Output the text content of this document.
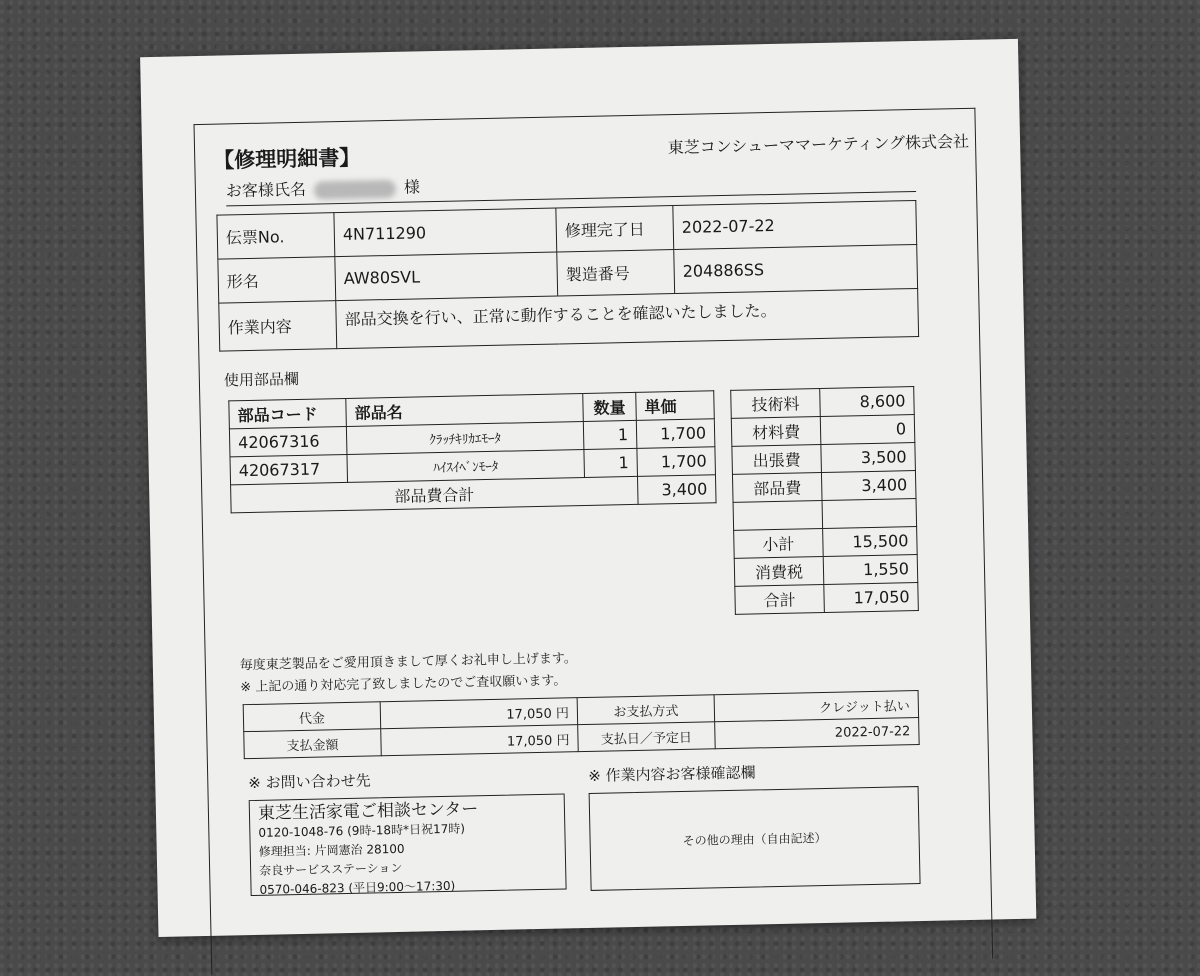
【修理明細書】
東芝コンシューママーケティング株式会社
お客様氏名	様
伝票No.	4N711290	修理完了日	2022-07-22
形名	AW80SVL	製造番号	204886SS
作業内容	部品交換を行い、正常に動作することを確認いたしました。		
使用部品欄
部品コード	部品名	数量	単価
42067316	ｸﾗｯﾁｷﾘｶｴﾓｰﾀ	1	1,700
42067317	ﾊｲｽｲﾍﾞﾝﾓｰﾀ	1	1,700
部品費合計			3,400
技術料	8,600
材料費	0
出張費	3,500
部品費	3,400

小計	15,500
消費税	1,550
合計	17,050
毎度東芝製品をご愛用頂きまして厚くお礼申し上げます。
※ 上記の通り対応完了致しましたのでご査収願います。
代金	17,050 円	お支払方式	クレジット払い
支払金額	17,050 円	支払日／予定日	2022-07-22
※ お問い合わせ先	※ 作業内容お客様確認欄
東芝生活家電ご相談センター
0120-1048-76 (9時-18時*日祝17時)
修理担当: 片岡憲治 28100
奈良サービスステーション
0570-046-823 (平日9:00～17:30)
その他の理由（自由記述）
